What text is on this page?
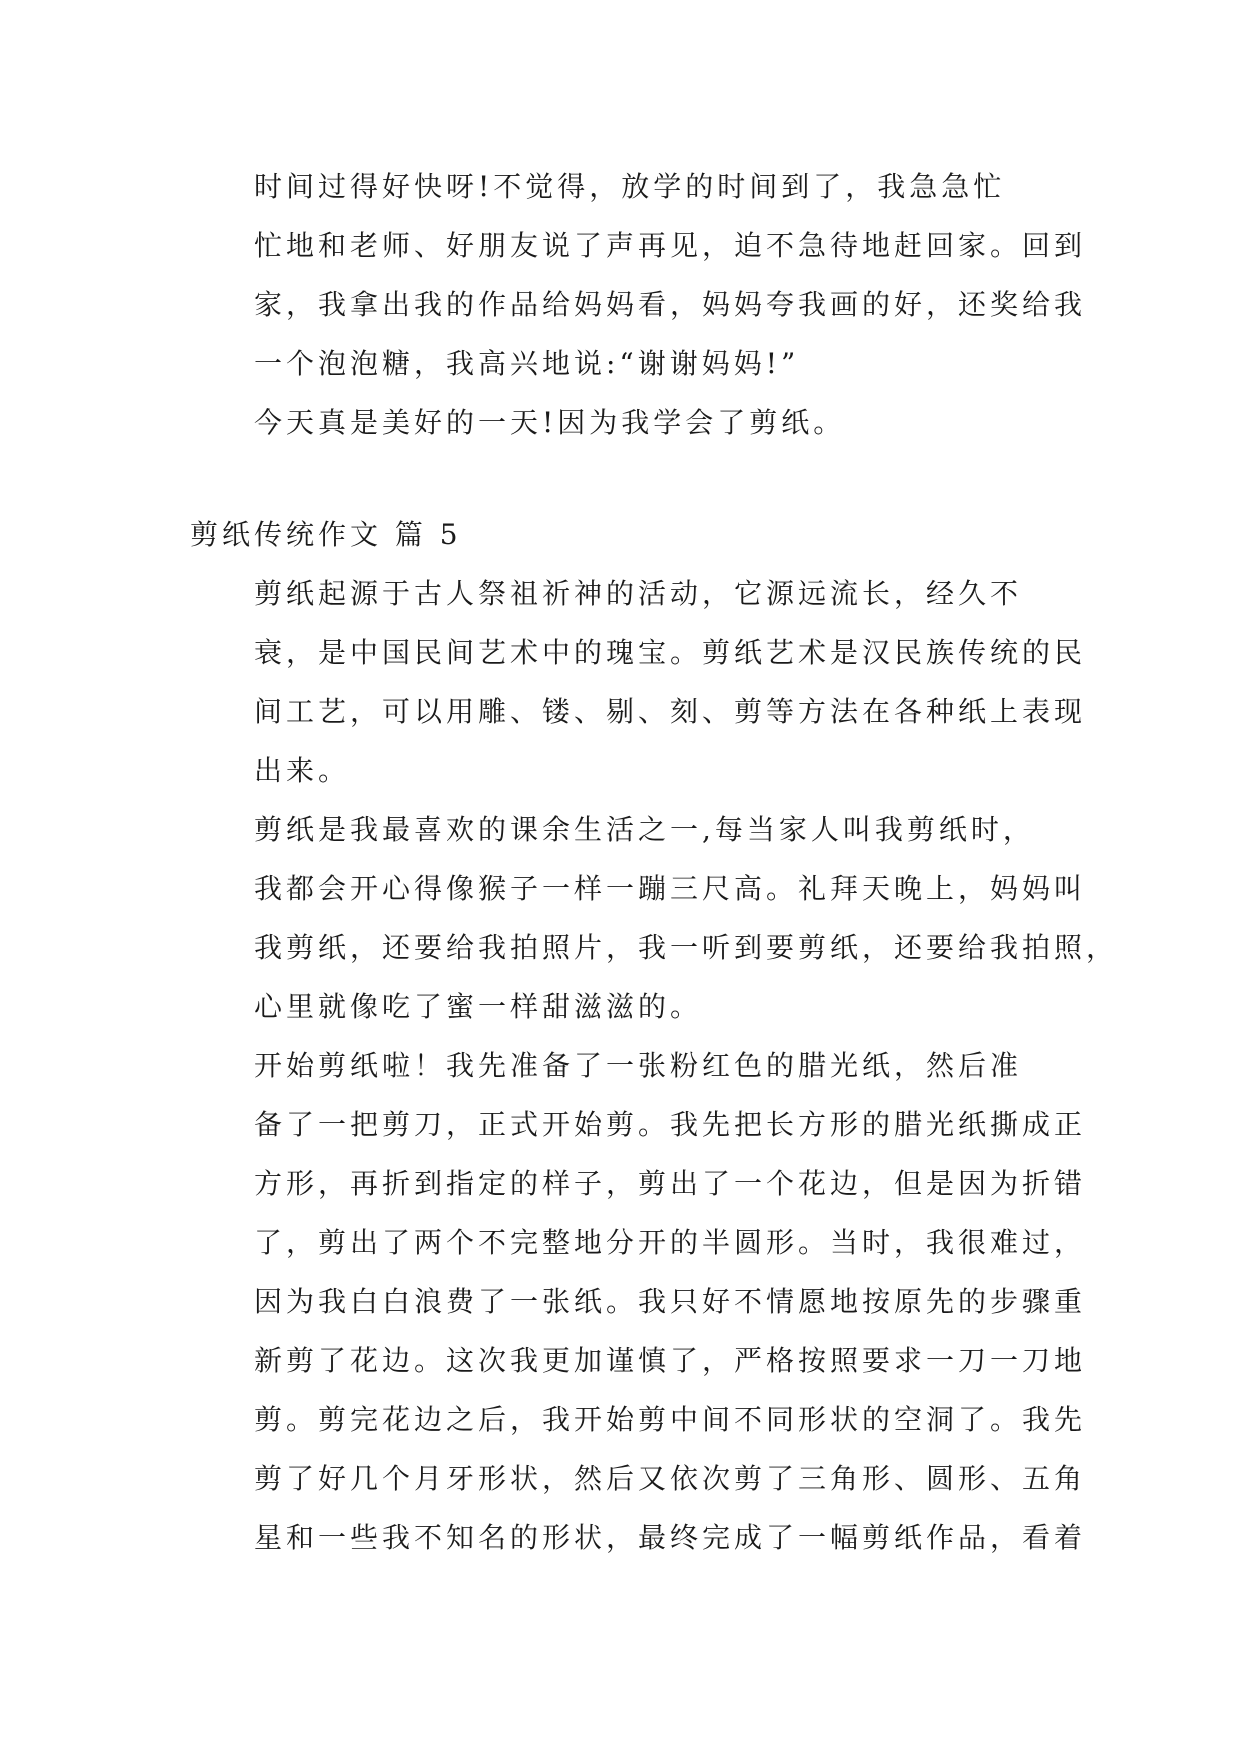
时间过得好快呀!不觉得，放学的时间到了，我急急忙
忙地和老师、好朋友说了声再见，迫不急待地赶回家。回到
家，我拿出我的作品给妈妈看，妈妈夸我画的好，还奖给我
一个泡泡糖，我高兴地说:“谢谢妈妈!”

今天真是美好的一天!因为我学会了剪纸。

剪纸传统作文 篇 5

剪纸起源于古人祭祖祈神的活动，它源远流长，经久不
衰，是中国民间艺术中的瑰宝。剪纸艺术是汉民族传统的民
间工艺，可以用雕、镂、剔、刻、剪等方法在各种纸上表现
出来。

剪纸是我最喜欢的课余生活之一,每当家人叫我剪纸时，
我都会开心得像猴子一样一蹦三尺高。礼拜天晚上，妈妈叫
我剪纸，还要给我拍照片，我一听到要剪纸，还要给我拍照，
心里就像吃了蜜一样甜滋滋的。

开始剪纸啦！我先准备了一张粉红色的腊光纸，然后准
备了一把剪刀，正式开始剪。我先把长方形的腊光纸撕成正
方形，再折到指定的样子，剪出了一个花边，但是因为折错
了，剪出了两个不完整地分开的半圆形。当时，我很难过，
因为我白白浪费了一张纸。我只好不情愿地按原先的步骤重
新剪了花边。这次我更加谨慎了，严格按照要求一刀一刀地
剪。剪完花边之后，我开始剪中间不同形状的空洞了。我先
剪了好几个月牙形状，然后又依次剪了三角形、圆形、五角
星和一些我不知名的形状，最终完成了一幅剪纸作品，看着
